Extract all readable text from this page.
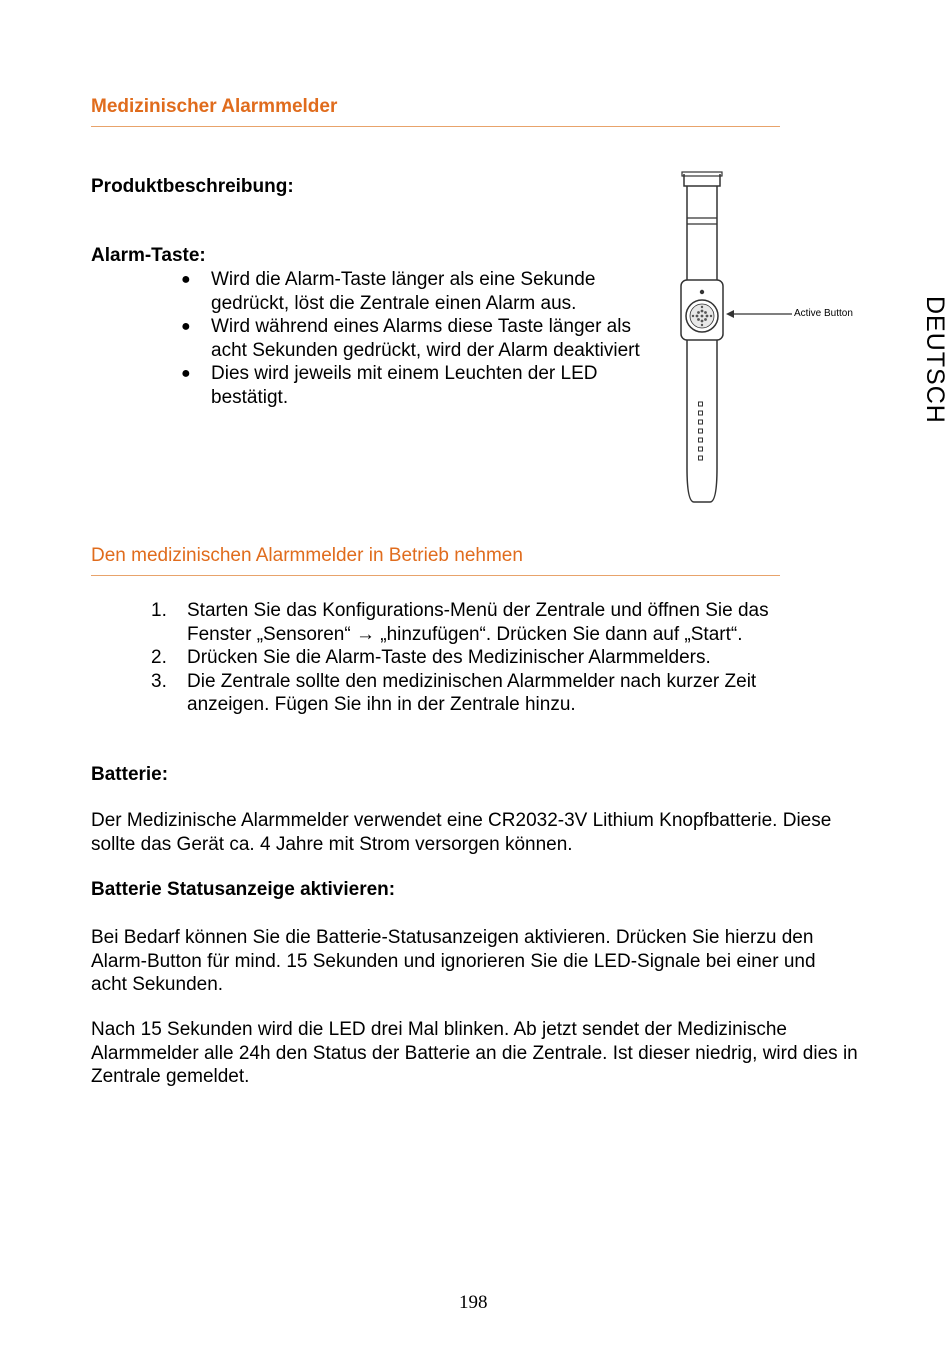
Medizinischer Alarmmelder
DEUTSCH
Produktbeschreibung:
Alarm-Taste:
● Wird die Alarm-Taste länger als eine Sekunde gedrückt, löst die Zentrale einen Alarm aus.
● Wird während eines Alarms diese Taste länger als acht Sekunden gedrückt, wird der Alarm deaktiviert
● Dies wird jeweils mit einem Leuchten der LED bestätigt.
Active Button
Den medizinischen Alarmmelder in Betrieb nehmen
1. Starten Sie das Konfigurations-Menü der Zentrale und öffnen Sie das Fenster „Sensoren“ → „hinzufügen“. Drücken Sie dann auf „Start“.
2. Drücken Sie die Alarm-Taste des Medizinischer Alarmmelders.
3. Die Zentrale sollte den medizinischen Alarmmelder nach kurzer Zeit anzeigen. Fügen Sie ihn in der Zentrale hinzu.
Batterie:
Der Medizinische Alarmmelder verwendet eine CR2032-3V Lithium Knopfbatterie. Diese sollte das Gerät ca. 4 Jahre mit Strom versorgen können.
Batterie Statusanzeige aktivieren:
Bei Bedarf können Sie die Batterie-Statusanzeigen aktivieren. Drücken Sie hierzu den Alarm-Button für mind. 15 Sekunden und ignorieren Sie die LED-Signale bei einer und acht Sekunden.
Nach 15 Sekunden wird die LED drei Mal blinken. Ab jetzt sendet der Medizinische Alarmmelder alle 24h den Status der Batterie an die Zentrale. Ist dieser niedrig, wird dies in Zentrale gemeldet.
198
